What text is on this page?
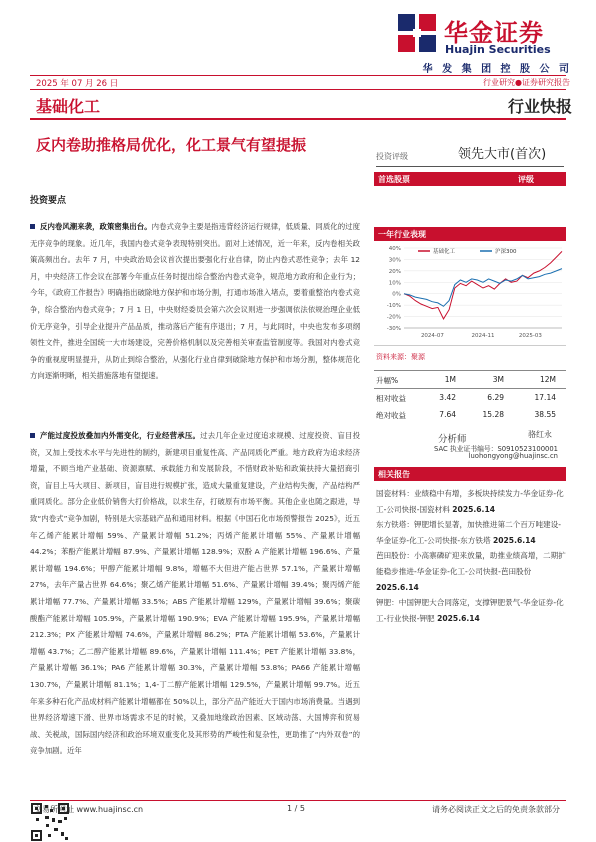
华金证券
Huajin Securities
华 发 集 团 控 股 公 司
2025 年 07 月 26 日	行业研究●证券研究报告
基础化工	行业快报
反内卷助推格局优化，化工景气有望提振
投资要点

反内卷风潮来袭，政策密集出台。内卷式竞争主要是指违背经济运行规律，低质量、同质化的过度无序竞争的现象。近几年，我国内卷式竞争表现特别突出。面对上述情况，近一年来，反内卷相关政策高频出台。去年 7 月，中央政治局会议首次提出要强化行业自律，防止内卷式恶性竞争；去年 12 月，中央经济工作会议在部署今年重点任务时提出综合整治内卷式竞争，规范地方政府和企业行为；今年，《政府工作报告》明确指出破除地方保护和市场分割，打通市场准入堵点，要着重整治内卷式竞争，综合整治内卷式竞争；7 月 1 日，中央财经委员会第六次会议则进一步强调依法依规治理企业低价无序竞争，引导企业提升产品品质，推动落后产能有序退出；7 月，与此同时，中央也发布多项纲领性文件，推进全国统一大市场建设，完善价格机制以及完善相关审查监管制度等。我国对内卷式竞争的重视度明显提升，从防止到综合整治，从强化行业自律到破除地方保护和市场分割，整体规范化方向逐渐明晰，相关措施落地有望提速。

产能过度投放叠加内外需变化，行业经营承压。过去几年企业过度追求规模、过度投资、盲目投资，又加上受技术水平与先进性的制约，新建项目重复性高、产品同质化严重。地方政府为追求经济增量，不顾当地产业基础、资源禀赋、承载能力和发展阶段，不惜财政补贴和政策扶持大量招商引资，盲目上马大项目、新项目，盲目进行规模扩张，造成大量重复建设，产业结构失衡，产品结构严重同质化。部分企业低价销售大打价格战，以求生存，打破原有市场平衡。其他企业也随之跟进，导致“内卷式”竞争加剧，特别是大宗基础产品和通用材料。根据《中国石化市场预警报告 2025》，近五年乙烯产能累计增幅 59%、产量累计增幅 51.2%；丙烯产能累计增幅 55%、产量累计增幅 44.2%；苯酚产能累计增幅 87.9%、产量累计增幅 128.9%；双酚 A 产能累计增幅 196.6%、产量累计增幅 194.6%；甲醇产能累计增幅 9.8%，增幅不大但进产能占世界 57.1%，产量累计增幅 27%，去年产量占世界 64.6%；聚乙烯产能累计增幅 51.6%、产量累计增幅 39.4%；聚丙烯产能累计增幅 77.7%、产量累计增幅 33.5%；ABS 产能累计增幅 129%，产量累计增幅 39.6%；聚碳酸酯产能累计增幅 105.9%，产量累计增幅 190.9%；EVA 产能累计增幅 195.9%，产量累计增幅 212.3%；PX 产能累计增幅 74.6%，产量累计增幅 86.2%；PTA 产能累计增幅 53.6%，产量累计增幅 43.7%；乙二醇产能累计增幅 89.6%，产量累计增幅 111.4%；PET 产能累计增幅 33.8%，产量累计增幅 36.1%；PA6 产能累计增幅 30.3%，产量累计增幅 53.8%；PA66 产能累计增幅 130.7%，产量累计增幅 81.1%；1,4-丁二醇产能累计增幅 129.5%，产量累计增幅 99.7%。近五年来多种石化产品成材料产能累计增幅都在 50%以上，部分产品产能近大于国内市场消费量。当遇到世界经济增速下滑、世界市场需求不足的时候，又叠加地缘政治因素、区域动荡、大国博弈和贸易战、关税战，国际国内经济和政治环境双重变化及其形势的严峻性和复杂性，更助推了“内外双卷”的竞争加剧。近年

投资评级	领先大市(首次)
首选股票	评级
一年行业表现
40%
30%
20%
10%
0%
-10%
-20%
-30%
2024-07	2024-11	2025-03
基础化工	沪深300
资料来源：聚源
升幅%	1M	3M	12M
相对收益	3.42	6.29	17.14
绝对收益	7.64	15.28	38.55
分析师	骆红永
SAC 执业证书编号：S0910523100001
luohongyong@huajinsc.cn
相关报告
国瓷材料：业绩稳中有增，多板块持续发力-华金证券-化工-公司快报-国瓷材料 2025.6.14
东方铁塔：钾肥增长显著，加快推进第二个百万吨建设-华金证券-化工-公司快报-东方铁塔 2025.6.14
芭田股份：小高寨磷矿迎来放量，助推业绩高增，二期扩能稳步推进-华金证券-化工-公司快报-芭田股份 2025.6.14
钾肥：中国钾肥大合同落定，支撑钾肥景气-华金证券-化工-行业快报-钾肥 2025.6.14
交易所网址 www.huajinsc.cn	1 / 5	请务必阅读正文之后的免责条款部分
